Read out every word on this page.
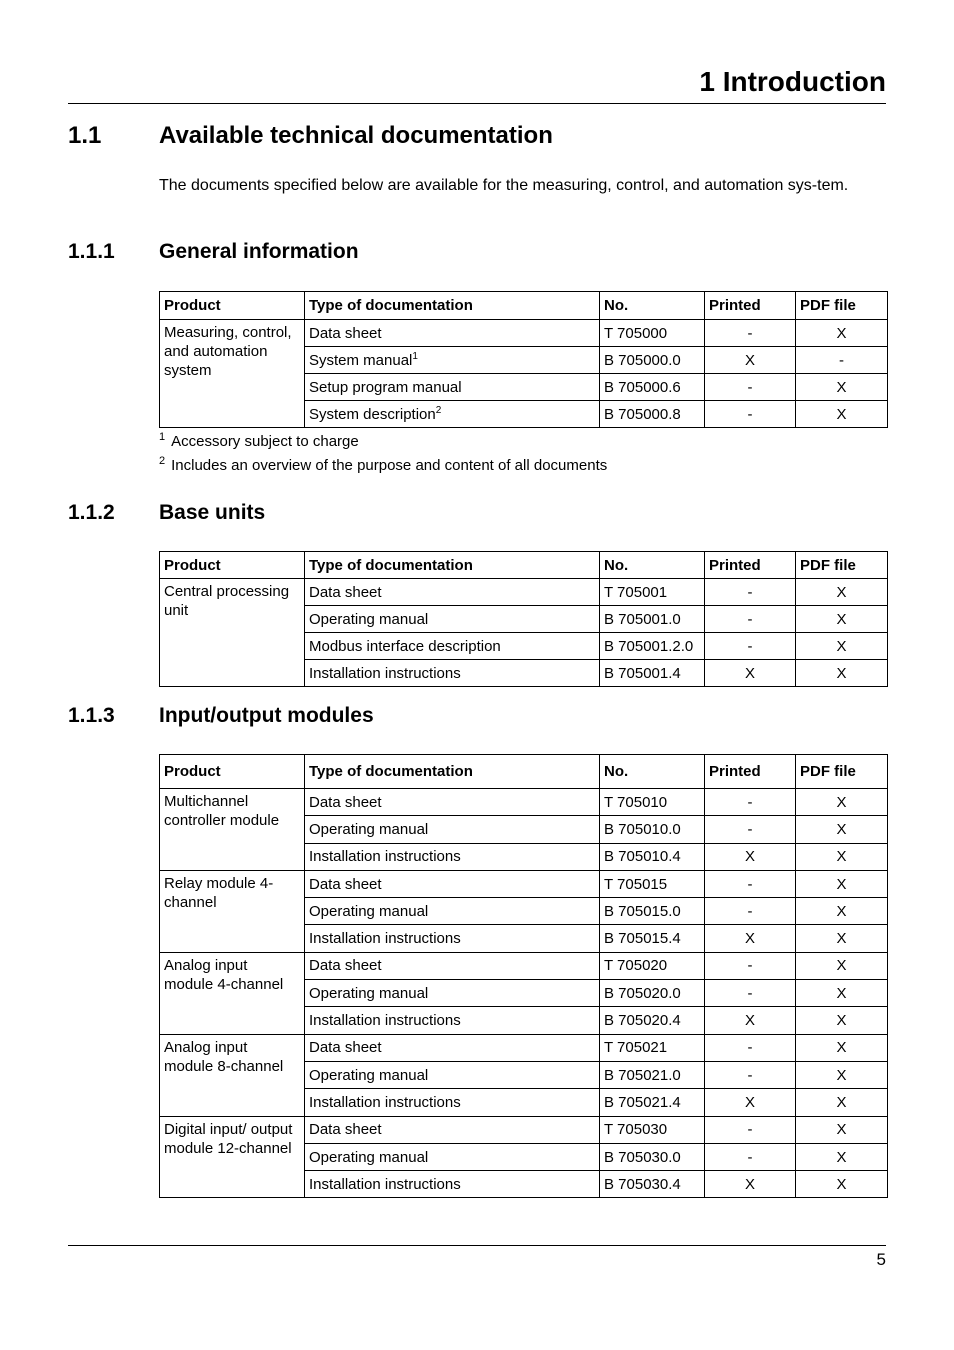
1 Introduction
1.1 Available technical documentation

The documents specified below are available for the measuring, control, and automation sys-tem.

1.1.1 General information
Product	Type of documentation	No.	Printed	PDF file
Measuring, control, and automation system	Data sheet	T 705000	-	X
	System manual$^1$	B 705000.0	X	-
	Setup program manual	B 705000.6	-	X
	System description$^2$	B 705000.8	-	X
$^1$ Accessory subject to charge
$^2$ Includes an overview of the purpose and content of all documents
1.1.2 Base units
Product	Type of documentation	No.	Printed	PDF file
Central processing unit	Data sheet	T 705001	-	X
	Operating manual	B 705001.0	-	X
	Modbus interface description	B 705001.2.0	-	X
	Installation instructions	B 705001.4	X	X
1.1.3 Input/output modules
Product	Type of documentation	No.	Printed	PDF file
Multichannel controller module	Data sheet	T 705010	-	X
	Operating manual	B 705010.0	-	X
	Installation instructions	B 705010.4	X	X
Relay module 4-channel	Data sheet	T 705015	-	X
	Operating manual	B 705015.0	-	X
	Installation instructions	B 705015.4	X	X
Analog input module 4-channel	Data sheet	T 705020	-	X
	Operating manual	B 705020.0	-	X
	Installation instructions	B 705020.4	X	X
Analog input module 8-channel	Data sheet	T 705021	-	X
	Operating manual	B 705021.0	-	X
	Installation instructions	B 705021.4	X	X
Digital input/ output module 12-channel	Data sheet	T 705030	-	X
	Operating manual	B 705030.0	-	X
	Installation instructions	B 705030.4	X	X
5
